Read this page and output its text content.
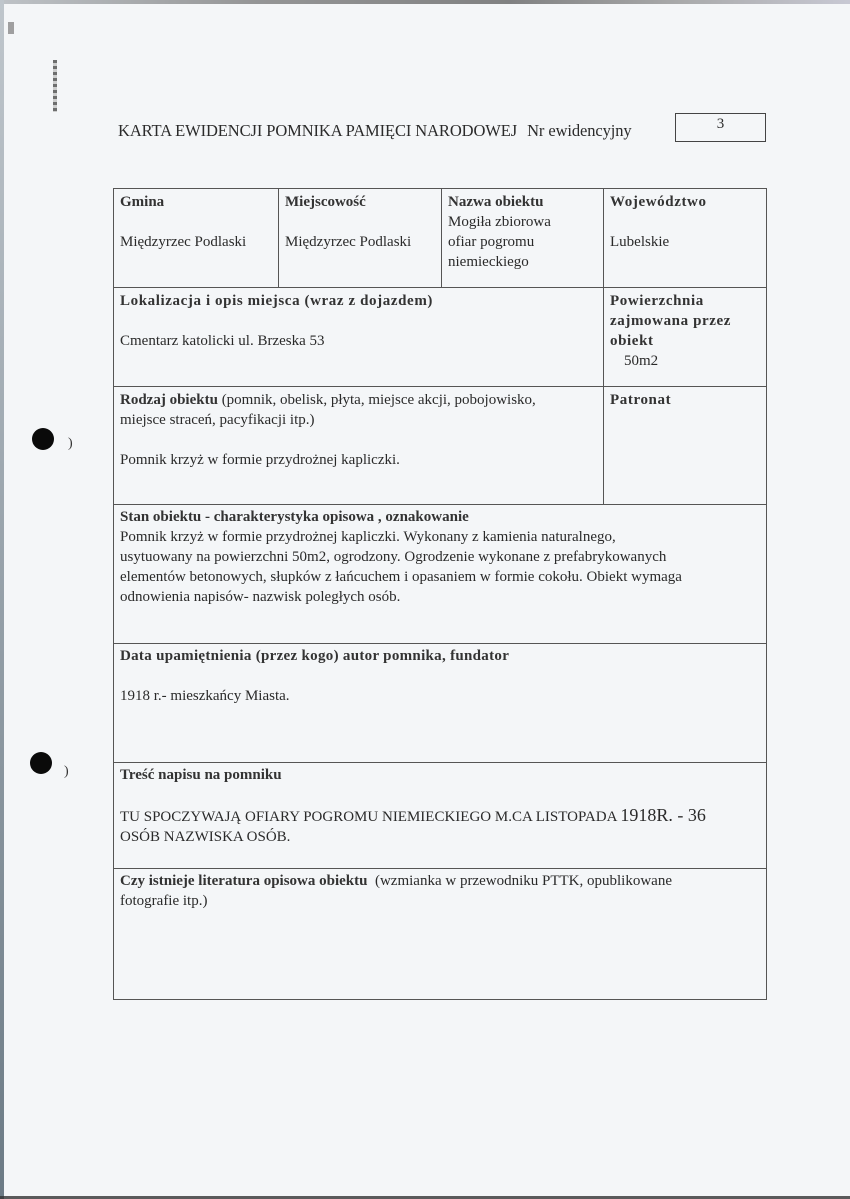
)
)
KARTA EWIDENCJI POMNIKA PAMIĘCI NARODOWEJ Nr ewidencyjny	3
Gmina
Międzyrzec Podlaski
Miejscowość
Międzyrzec Podlaski
Nazwa obiektu
Mogiła zbiorowa
ofiar pogromu
niemieckiego
Województwo
Lubelskie
Lokalizacja i opis miejsca (wraz z dojazdem)
Cmentarz katolicki ul. Brzeska 53
Powierzchnia
zajmowana przez
obiekt
50m2
Rodzaj obiektu (pomnik, obelisk, płyta, miejsce akcji, pobojowisko,
miejsce straceń, pacyfikacji itp.)
Pomnik krzyż w formie przydrożnej kapliczki.
Patronat
Stan obiektu - charakterystyka opisowa , oznakowanie
Pomnik krzyż w formie przydrożnej kapliczki. Wykonany z kamienia naturalnego,
usytuowany na powierzchni 50m2, ogrodzony. Ogrodzenie wykonane z prefabrykowanych
elementów betonowych, słupków z łańcuchem i opasaniem w formie cokołu. Obiekt wymaga
odnowienia napisów- nazwisk poległych osób.
Data upamiętnienia (przez kogo) autor pomnika, fundator
1918 r.- mieszkańcy Miasta.
Treść napisu na pomniku
TU SPOCZYWAJĄ OFIARY POGROMU NIEMIECKIEGO M.CA LISTOPADA 1918R. - 36
OSÓB NAZWISKA OSÓB.
Czy istnieje literatura opisowa obiektu  (wzmianka w przewodniku PTTK, opublikowane
fotografie itp.)
